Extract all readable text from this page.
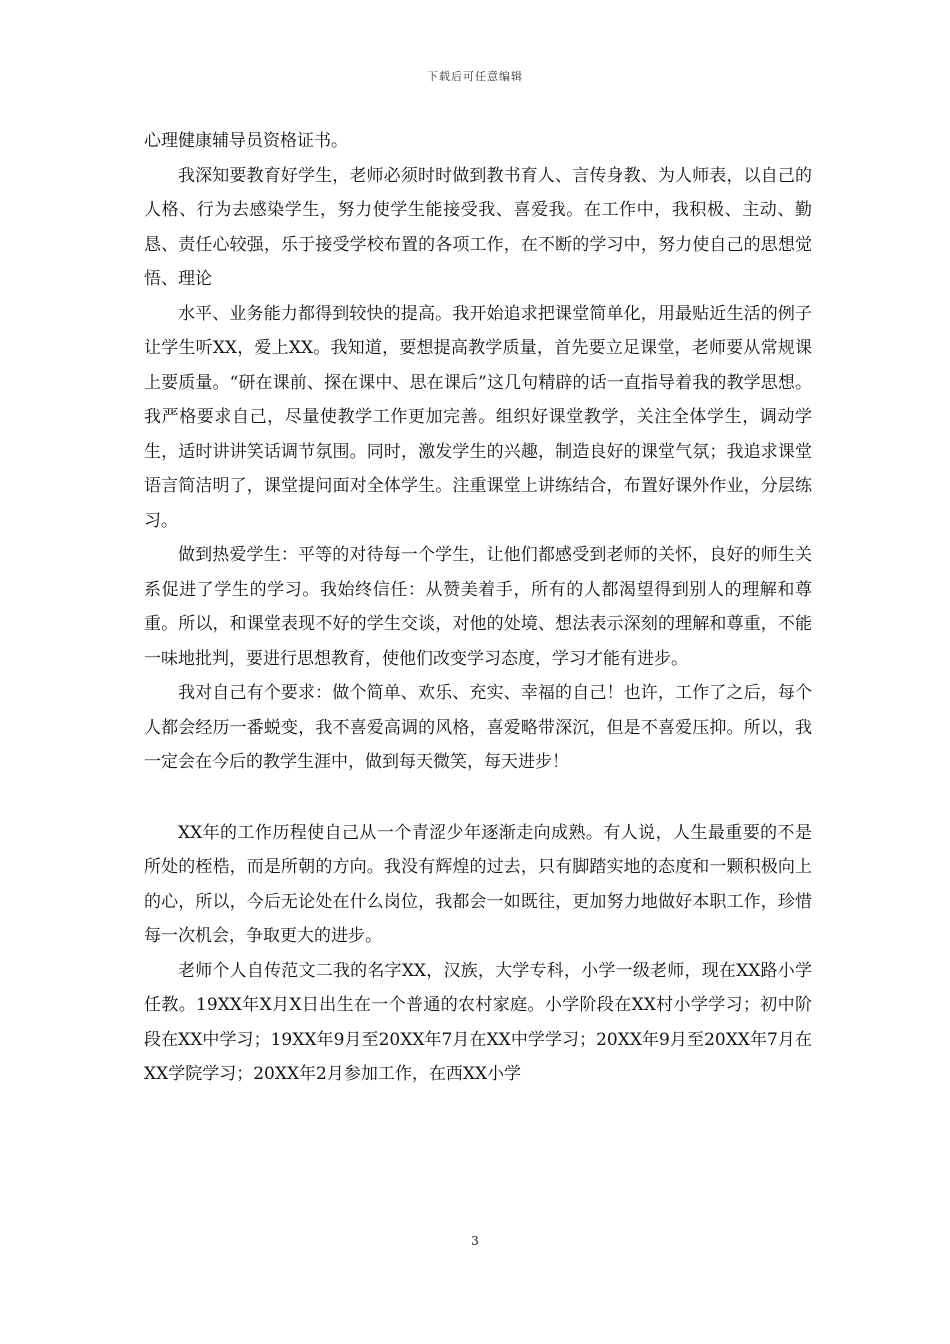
下载后可任意编辑

心理健康辅导员资格证书。

我深知要教育好学生，老师必须时时做到教书育人、言传身教、为人师表，以自己的人格、行为去感染学生，努力使学生能接受我、喜爱我。在工作中，我积极、主动、勤恳、责任心较强，乐于接受学校布置的各项工作，在不断的学习中，努力使自己的思想觉悟、理论

水平、业务能力都得到较快的提高。我开始追求把课堂简单化，用最贴近生活的例子让学生听XX，爱上XX。我知道，要想提高教学质量，首先要立足课堂，老师要从常规课上要质量。“研在课前、探在课中、思在课后”这几句精辟的话一直指导着我的教学思想。我严格要求自己，尽量使教学工作更加完善。组织好课堂教学，关注全体学生，调动学生，适时讲讲笑话调节氛围。同时，激发学生的兴趣，制造良好的课堂气氛；我追求课堂语言简洁明了，课堂提问面对全体学生。注重课堂上讲练结合，布置好课外作业，分层练习。

做到热爱学生：平等的对待每一个学生，让他们都感受到老师的关怀，良好的师生关系促进了学生的学习。我始终信任：从赞美着手，所有的人都渴望得到别人的理解和尊重。所以，和课堂表现不好的学生交谈，对他的处境、想法表示深刻的理解和尊重，不能一味地批判，要进行思想教育，使他们改变学习态度，学习才能有进步。

我对自己有个要求：做个简单、欢乐、充实、幸福的自己！也许，工作了之后，每个人都会经历一番蜕变，我不喜爱高调的风格，喜爱略带深沉，但是不喜爱压抑。所以，我一定会在今后的教学生涯中，做到每天微笑，每天进步！

XX年的工作历程使自己从一个青涩少年逐渐走向成熟。有人说，人生最重要的不是所处的桎梏，而是所朝的方向。我没有辉煌的过去，只有脚踏实地的态度和一颗积极向上的心，所以，今后无论处在什么岗位，我都会一如既往，更加努力地做好本职工作，珍惜每一次机会，争取更大的进步。

老师个人自传范文二我的名字XX，汉族，大学专科，小学一级老师，现在XX路小学任教。19XX年X月X日出生在一个普通的农村家庭。小学阶段在XX村小学学习；初中阶段在XX中学习；19XX年9月至20XX年7月在XX中学学习；20XX年9月至20XX年7月在XX学院学习；20XX年2月参加工作，在西XX小学

3
